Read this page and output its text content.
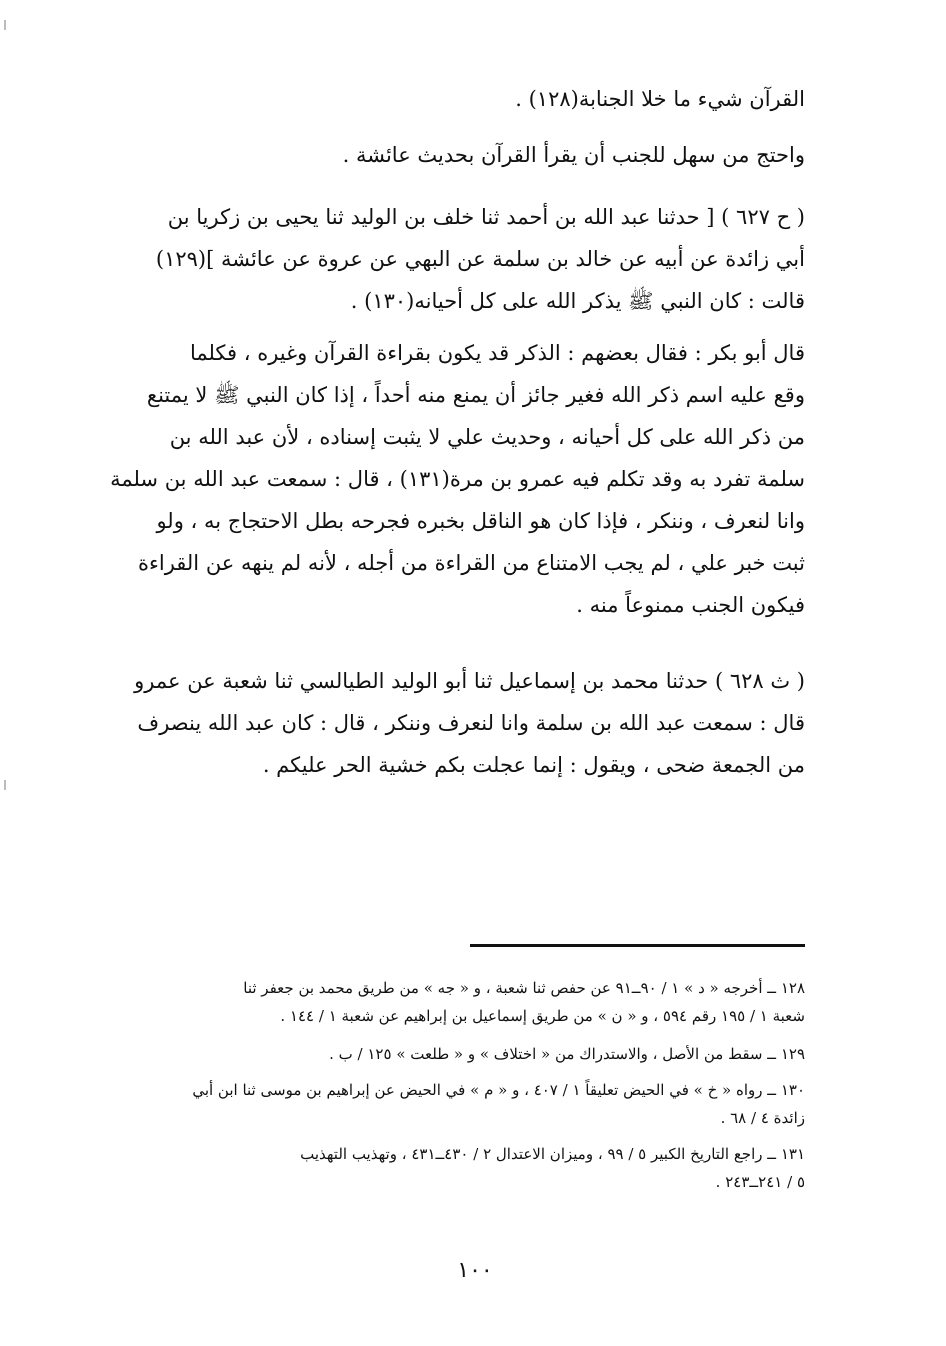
القرآن شيء ما خلا الجنابة(١٢٨) .
واحتج من سهل للجنب أن يقرأ القرآن بحديث عائشة .
( ح ٦٢٧ ) [ حدثنا عبد الله بن أحمد ثنا خلف بن الوليد ثنا يحيى بن زكريا بن
أبي زائدة عن أبيه عن خالد بن سلمة عن البهي عن عروة عن عائشة ](١٢٩)
قالت : كان النبي ﷺ يذكر الله على كل أحيانه(١٣٠) .
قال أبو بكر : فقال بعضهم : الذكر قد يكون بقراءة القرآن وغيره ، فكلما
وقع عليه اسم ذكر الله فغير جائز أن يمنع منه أحداً ، إذا كان النبي ﷺ لا يمتنع
من ذكر الله على كل أحيانه ، وحديث علي لا يثبت إسناده ، لأن عبد الله بن
سلمة تفرد به وقد تكلم فيه عمرو بن مرة(١٣١) ، قال : سمعت عبد الله بن سلمة
وانا لنعرف ، وننكر ، فإذا كان هو الناقل بخبره فجرحه بطل الاحتجاج به ، ولو
ثبت خبر علي ، لم يجب الامتناع من القراءة من أجله ، لأنه لم ينهه عن القراءة
فيكون الجنب ممنوعاً منه .
( ث ٦٢٨ ) حدثنا محمد بن إسماعيل ثنا أبو الوليد الطيالسي ثنا شعبة عن عمرو
قال : سمعت عبد الله بن سلمة وانا لنعرف وننكر ، قال : كان عبد الله ينصرف
من الجمعة ضحى ، ويقول : إنما عجلت بكم خشية الحر عليكم .
١٢٨ ــ أخرجه « د » ١ / ٩٠ــ٩١ عن حفص ثنا شعبة ، و « جه » من طريق محمد بن جعفر ثنا
شعبة ١ / ١٩٥ رقم ٥٩٤ ، و « ن » من طريق إسماعيل بن إبراهيم عن شعبة ١ / ١٤٤ .
١٢٩ ــ سقط من الأصل ، والاستدراك من « اختلاف » و « طلعت » ١٢٥ / ب .
١٣٠ ــ رواه « خ » في الحيض تعليقاً ١ / ٤٠٧ ، و « م » في الحيض عن إبراهيم بن موسى ثنا ابن أبي
زائدة ٤ / ٦٨ .
١٣١ ــ راجع التاريخ الكبير ٥ / ٩٩ ، وميزان الاعتدال ٢ / ٤٣٠ــ٤٣١ ، وتهذيب التهذيب
٥ / ٢٤١ــ٢٤٣ .
١٠٠
